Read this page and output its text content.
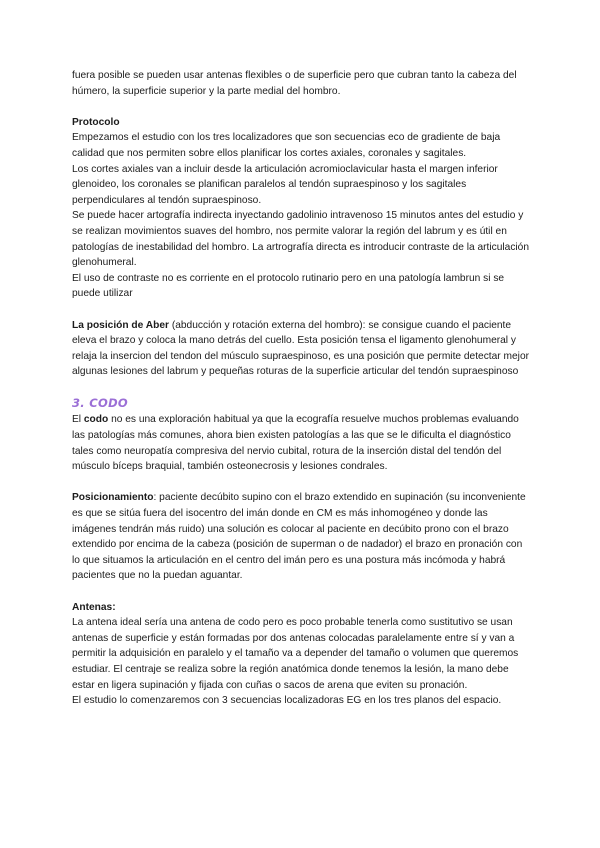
fuera posible se pueden usar antenas flexibles o de superficie pero que cubran tanto la cabeza del húmero, la superficie superior y la parte medial del hombro.

Protocolo

Empezamos el estudio con los tres localizadores que son secuencias eco de gradiente de baja calidad que nos permiten sobre ellos planificar los cortes axiales, coronales y sagitales.

Los cortes axiales van a incluir desde la articulación acromioclavicular hasta el margen inferior glenoideo, los coronales se planifican paralelos al tendón supraespinoso y los sagitales perpendiculares al tendón supraespinoso.

Se puede hacer artografía indirecta inyectando gadolinio intravenoso 15 minutos antes del estudio y se realizan movimientos suaves del hombro, nos permite valorar la región del labrum y es útil en patologías de inestabilidad del hombro. La artrografía directa es introducir contraste de la articulación glenohumeral.

El uso de contraste no es corriente en el protocolo rutinario pero en una patología lambrun si se puede utilizar

La posición de Aber (abducción y rotación externa del hombro): se consigue cuando el paciente eleva el brazo y coloca la mano detrás del cuello. Esta posición tensa el ligamento glenohumeral y relaja la insercion del tendon del músculo supraespinoso, es una posición que permite detectar mejor algunas lesiones del labrum y pequeñas roturas de la superficie articular del tendón supraespinoso

3. CODO

El codo no es una exploración habitual ya que la ecografía resuelve muchos problemas evaluando las patologías más comunes, ahora bien existen patologías a las que se le dificulta el diagnóstico tales como neuropatía compresiva del nervio cubital, rotura de la inserción distal del tendón del músculo bíceps braquial, también osteonecrosis y lesiones condrales.

Posicionamiento: paciente decúbito supino con el brazo extendido en supinación (su inconveniente es que se sitúa fuera del isocentro del imán donde en CM es más inhomogéneo y donde las imágenes tendrán más ruido) una solución es colocar al paciente en decúbito prono con el brazo extendido por encima de la cabeza (posición de superman o de nadador) el brazo en pronación con lo que situamos la articulación en el centro del imán pero es una postura más incómoda y habrá pacientes que no la puedan aguantar.

Antenas:

La antena ideal sería una antena de codo pero es poco probable tenerla como sustitutivo se usan antenas de superficie y están formadas por dos antenas colocadas paralelamente entre sí y van a permitir la adquisición en paralelo y el tamaño va a depender del tamaño o volumen que queremos estudiar. El centraje se realiza sobre la región anatómica donde tenemos la lesión, la mano debe estar en ligera supinación y fijada con cuñas o sacos de arena que eviten su pronación.

El estudio lo comenzaremos con 3 secuencias localizadoras EG en los tres planos del espacio.
